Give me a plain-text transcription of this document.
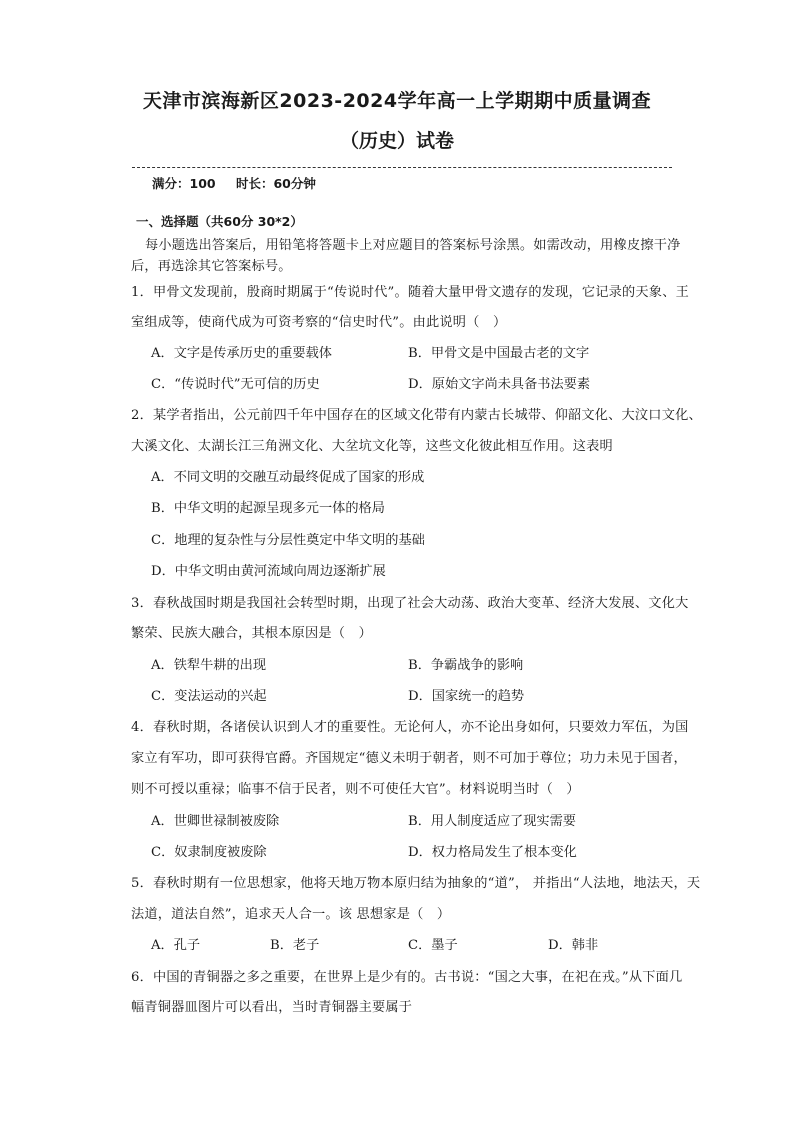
天津市滨海新区2023-2024学年高一上学期期中质量调查
（历史）试卷
满分：100 时长：60分钟
一、选择题（共60分 30*2）
每小题选出答案后，用铅笔将答题卡上对应题目的答案标号涂黑。如需改动，用橡皮擦干净
后，再选涂其它答案标号。
1．甲骨文发现前，殷商时期属于“传说时代”。随着大量甲骨文遗存的发现，它记录的天象、王
室组成等，使商代成为可资考察的“信史时代”。由此说明（　）
A．文字是传承历史的重要载体	B．甲骨文是中国最古老的文字
C．“传说时代”无可信的历史	D．原始文字尚未具备书法要素
2．某学者指出，公元前四千年中国存在的区域文化带有内蒙古长城带、仰韶文化、大汶口文化、
大溪文化、太湖长江三角洲文化、大坌坑文化等，这些文化彼此相互作用。这表明
A．不同文明的交融互动最终促成了国家的形成
B．中华文明的起源呈现多元一体的格局
C．地理的复杂性与分层性奠定中华文明的基础
D．中华文明由黄河流域向周边逐渐扩展
3．春秋战国时期是我国社会转型时期，出现了社会大动荡、政治大变革、经济大发展、文化大
繁荣、民族大融合，其根本原因是（　）
A．铁犁牛耕的出现	B．争霸战争的影响
C．变法运动的兴起	D．国家统一的趋势
4．春秋时期，各诸侯认识到人才的重要性。无论何人，亦不论出身如何，只要效力军伍，为国
家立有军功，即可获得官爵。齐国规定“德义未明于朝者，则不可加于尊位；功力未见于国者，
则不可授以重禄；临事不信于民者，则不可使任大官”。材料说明当时（　）
A．世卿世禄制被废除	B．用人制度适应了现实需要
C．奴隶制度被废除	D．权力格局发生了根本变化
5．春秋时期有一位思想家，他将天地万物本原归结为抽象的“道”， 并指出“人法地，地法天，天
法道，道法自然”，追求天人合一。该 思想家是（　）
A．孔子	B．老子	C．墨子	D．韩非
6．中国的青铜器之多之重要，在世界上是少有的。古书说：“国之大事，在祀在戎。”从下面几
幅青铜器皿图片可以看出，当时青铜器主要属于
